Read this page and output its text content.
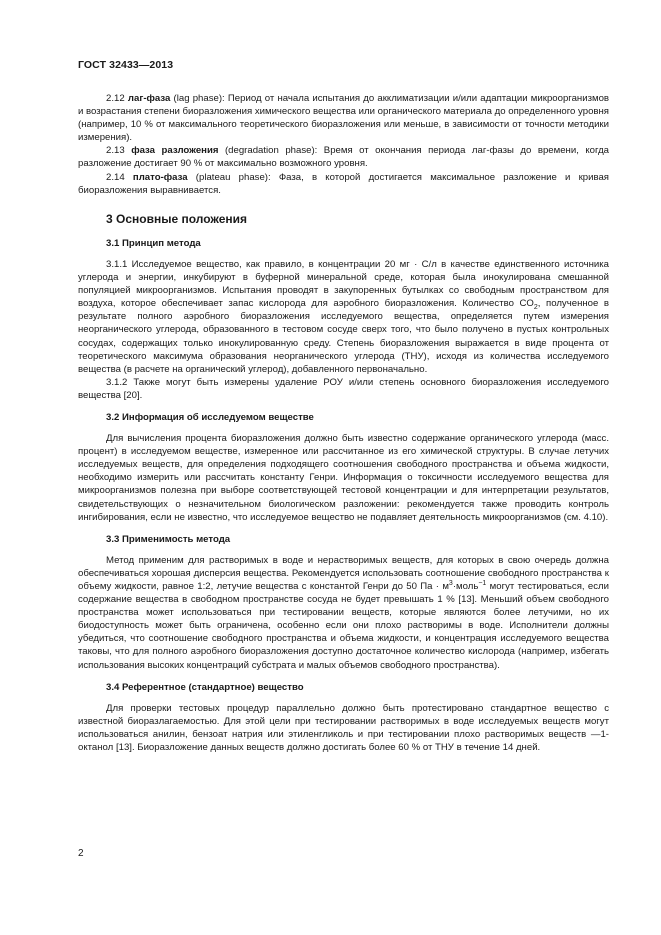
ГОСТ 32433—2013

2.12 лаг-фаза (lag phase): Период от начала испытания до акклиматизации и/или адаптации микроорганизмов и возрастания степени биоразложения химического вещества или органического материала до определенного уровня (например, 10 % от максимального теоретического биоразложения или меньше, в зависимости от точности методики измерения).

2.13 фаза разложения (degradation phase): Время от окончания периода лаг-фазы до времени, когда разложение достигает 90 % от максимально возможного уровня.

2.14 плато-фаза (plateau phase): Фаза, в которой достигается максимальное разложение и кривая биоразложения выравнивается.

3 Основные положения
3.1 Принцип метода

3.1.1 Исследуемое вещество, как правило, в концентрации 20 мг · C/л в качестве единственного источника углерода и энергии, инкубируют в буферной минеральной среде, которая была инокулирована смешанной популяцией микроорганизмов. Испытания проводят в закупоренных бутылках со свободным пространством для воздуха, которое обеспечивает запас кислорода для аэробного биоразложения. Количество $CO_2$, полученное в результате полного аэробного биоразложения исследуемого вещества, определяется путем измерения неорганического углерода, образованного в тестовом сосуде сверх того, что было получено в пустых контрольных сосудах, содержащих только инокулированную среду. Степень биоразложения выражается в виде процента от теоретического максимума образования неорганического углерода (ТНУ), исходя из количества исследуемого вещества (в расчете на органический углерод), добавленного первоначально.

3.1.2 Также могут быть измерены удаление РОУ и/или степень основного биоразложения исследуемого вещества [20].

3.2 Информация об исследуемом веществе

Для вычисления процента биоразложения должно быть известно содержание органического углерода (масс. процент) в исследуемом веществе, измеренное или рассчитанное из его химической структуры. В случае летучих исследуемых веществ, для определения подходящего соотношения свободного пространства и объема жидкости, необходимо измерить или рассчитать константу Генри. Информация о токсичности исследуемого вещества для микроорганизмов полезна при выборе соответствующей тестовой концентрации и для интерпретации результатов, свидетельствующих о незначительном биологическом разложении: рекомендуется также проводить контроль ингибирования, если не известно, что исследуемое вещество не подавляет деятельность микроорганизмов (см. 4.10).

3.3 Применимость метода

Метод применим для растворимых в воде и нерастворимых веществ, для которых в свою очередь должна обеспечиваться хорошая дисперсия вещества. Рекомендуется использовать соотношение свободного пространства к объему жидкости, равное 1:2, летучие вещества с константой Генри до 50 Па · $м^3\cdot моль^{-1}$ могут тестироваться, если содержание вещества в свободном пространстве сосуда не будет превышать 1 % [13]. Меньший объем свободного пространства может использоваться при тестировании веществ, которые являются более летучими, но их биодоступность может быть ограничена, особенно если они плохо растворимы в воде. Исполнители должны убедиться, что соотношение свободного пространства и объема жидкости, и концентрация исследуемого вещества таковы, что для полного аэробного биоразложения доступно достаточное количество кислорода (например, избегать использования высоких концентраций субстрата и малых объемов свободного пространства).

3.4 Референтное (стандартное) вещество

Для проверки тестовых процедур параллельно должно быть протестировано стандартное вещество с известной биоразлагаемостью. Для этой цели при тестировании растворимых в воде исследуемых веществ могут использоваться анилин, бензоат натрия или этиленгликоль и при тестировании плохо растворимых веществ —1-октанол [13]. Биоразложение данных веществ должно достигать более 60 % от ТНУ в течение 14 дней.

2
